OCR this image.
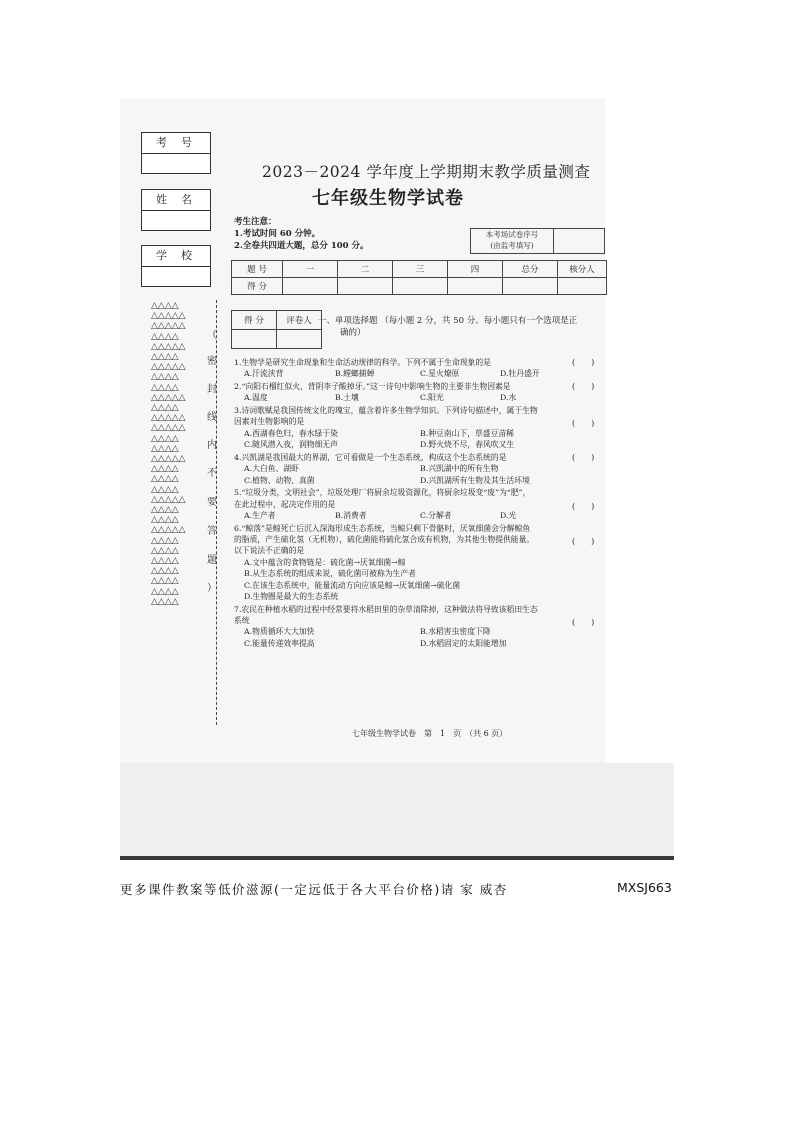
考号
姓名
学校
△△△△
△△△△△
△△△△△
△△△△
△△△△△
△△△△
△△△△△
△△△△
△△△△
△△△△△
△△△△
△△△△△
△△△△△
△△△△
△△△△
△△△△△
△△△△
△△△△
△△△△
△△△△△
△△△△
△△△△
△△△△△
△△△△
△△△△
△△△△
△△△△
△△△△
△△△△
△△△△
（
密
封
线
内
不
要
答
题
）
2023－2024 学年度上学期期末教学质量测查
七年级生物学试卷
考生注意：
1.考试时间 60 分钟。
2.全卷共四道大题，总分 100 分。
本考场试卷序号
(由监考填写)
题 号	一	二	三	四	总分	核分人
得 分						
得 分	评卷人
	一、单项选择题 （每小题 2 分，共 50 分。每小题只有一个选项是正
确的）
1.生物学是研究生命现象和生命活动规律的科学。下列不属于生命现象的是	(　　)
A.汗流浃背	B.螳螂捕蝉	C.星火燎原	D.牡丹盛开
2.“向阳石榴红似火，背阴李子酸掉牙。”这一诗句中影响生物的主要非生物因素是	(　　)
A.温度	B.土壤	C.阳光	D.水
3.诗词歌赋是我国传统文化的瑰宝，蕴含着许多生物学知识。下列诗句描述中，属于生物
因素对生物影响的是	(　　)
A.西湖春色归，春水绿于染	B.种豆南山下，草盛豆苗稀
C.随风潜入夜，润物细无声	D.野火烧不尽，春风吹又生
4.兴凯湖是我国最大的界湖，它可看做是一个生态系统，构成这个生态系统的是	(　　)
A.大白鱼、湖虾	B.兴凯湖中的所有生物
C.植物、动物、真菌	D.兴凯湖所有生物及其生活环境
5.“垃圾分类，文明社会”，垃圾处理厂将厨余垃圾资源化，将厨余垃圾变“废”为“肥”，
在此过程中，起决定作用的是	(　　)
A.生产者	B.消费者	C.分解者	D.光
6.“鲸落”是鲸死亡后沉入深海形成生态系统，当鲸只剩下骨骼时，厌氧细菌会分解鲸鱼
的脂质，产生硫化氢（无机物），硫化菌能将硫化氢合成有机物，为其他生物提供能量。
以下说法不正确的是
(　　)
A.文中蕴含的食物链是：硫化菌→厌氧细菌→鲸
B.从生态系统的组成来说，硫化菌可被称为生产者
C.在该生态系统中，能量流动方向应该是鲸→厌氧细菌→硫化菌
D.生物圈是最大的生态系统
7.农民在种植水稻的过程中经常要将水稻田里的杂草清除掉，这种做法将导致该稻田生态
系统	(　　)
A.物质循环大大加快	B.水稻害虫密度下降
C.能量传递效率提高	D.水稻固定的太阳能增加
七年级生物学试卷　第　1　页　（共 6 页）
更多课件教案等低价滋源(一定远低于各大平台价格)请 家 威杏	MXSJ663
